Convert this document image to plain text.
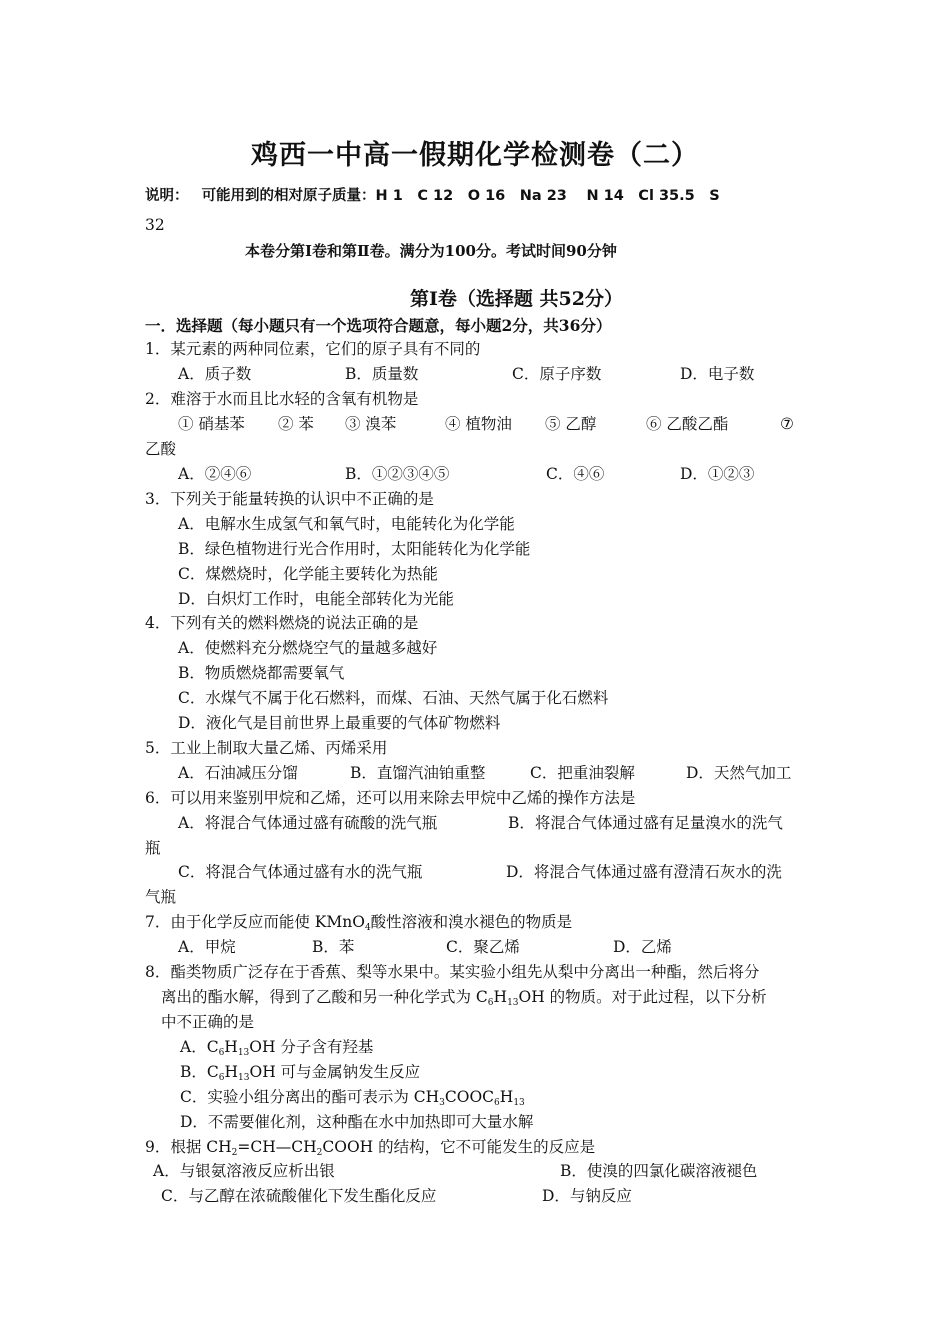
鸡西一中高一假期化学检测卷（二）
说明： 可能用到的相对原子质量：H 1　C 12　O 16　Na 23　 N 14　Cl 35.5　S
32
本卷分第Ⅰ卷和第Ⅱ卷。满分为100分。考试时间90分钟
第Ⅰ卷（选择题 共52分）
一．选择题（每小题只有一个选项符合题意，每小题2分，共36分）
1．某元素的两种同位素，它们的原子具有不同的
A．质子数	B．质量数	C．原子序数	D．电子数
2．难溶于水而且比水轻的含氧有机物是
① 硝基苯 ② 苯 ③ 溴苯	④ 植物油 ⑤ 乙醇	⑥ 乙酸乙酯	⑦
乙酸
A．②④⑥	B．①②③④⑤	C．④⑥	D．①②③
3．下列关于能量转换的认识中不正确的是
A．电解水生成氢气和氧气时，电能转化为化学能
B．绿色植物进行光合作用时，太阳能转化为化学能
C．煤燃烧时，化学能主要转化为热能
D．白炽灯工作时，电能全部转化为光能
4．下列有关的燃料燃烧的说法正确的是
A．使燃料充分燃烧空气的量越多越好
B．物质燃烧都需要氧气
C．水煤气不属于化石燃料，而煤、石油、天然气属于化石燃料
D．液化气是目前世界上最重要的气体矿物燃料
5．工业上制取大量乙烯、丙烯采用
A．石油减压分馏	B．直馏汽油铂重整	C．把重油裂解	D．天然气加工
6．可以用来鉴别甲烷和乙烯，还可以用来除去甲烷中乙烯的操作方法是
A．将混合气体通过盛有硫酸的洗气瓶	B．将混合气体通过盛有足量溴水的洗气
瓶
C．将混合气体通过盛有水的洗气瓶	D．将混合气体通过盛有澄清石灰水的洗
气瓶
7．由于化学反应而能使 KMnO$_4$酸性溶液和溴水褪色的物质是
A．甲烷	B．苯	C．聚乙烯	D．乙烯
8．酯类物质广泛存在于香蕉、梨等水果中。某实验小组先从梨中分离出一种酯，然后将分
离出的酯水解，得到了乙酸和另一种化学式为 $C_6H_{13}OH$ 的物质。对于此过程，以下分析
中不正确的是
A．$C_6H_{13}OH$ 分子含有羟基
B．$C_6H_{13}OH$ 可与金属钠发生反应
C．实验小组分离出的酯可表示为 $CH_3COOC_6H_{13}$
D．不需要催化剂，这种酯在水中加热即可大量水解
9．根据 $CH_2=CH—CH_2COOH$ 的结构，它不可能发生的反应是
A．与银氨溶液反应析出银	B．使溴的四氯化碳溶液褪色
C．与乙醇在浓硫酸催化下发生酯化反应	D．与钠反应
